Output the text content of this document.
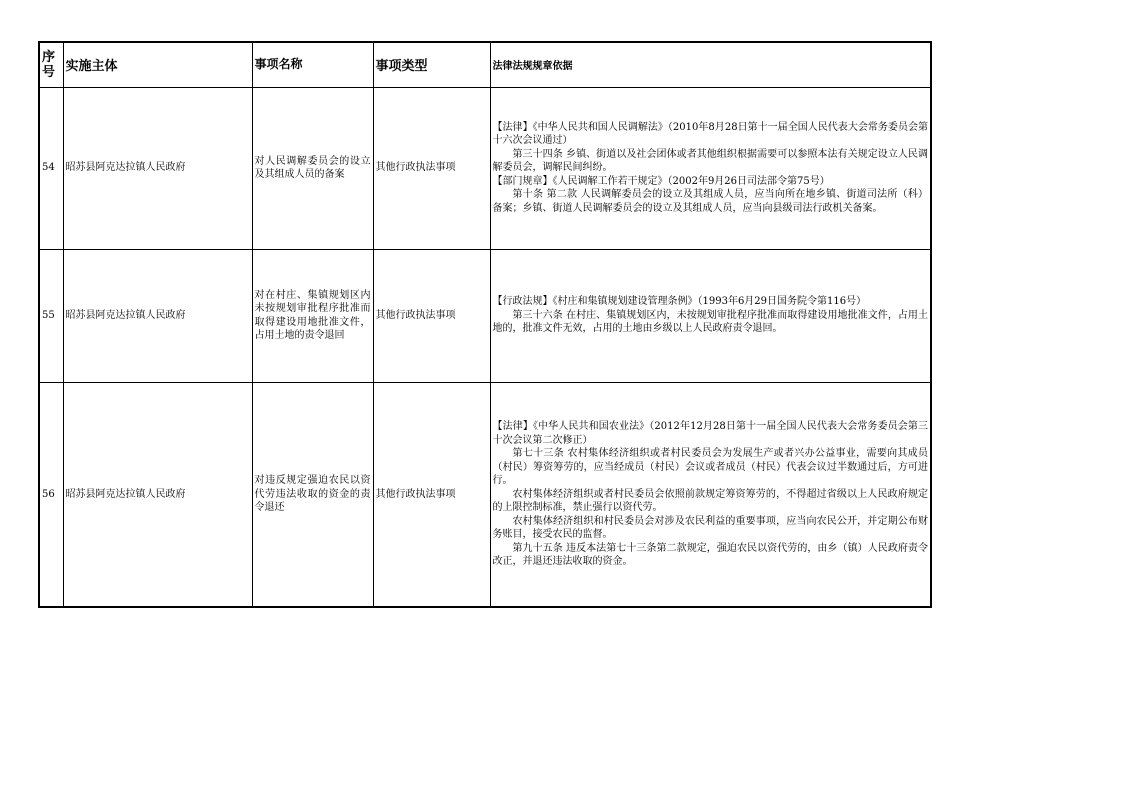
序号	实施主体	事项名称	事项类型	法律法规规章依据
54	昭苏县阿克达拉镇人民政府	对人民调解委员会的设立及其组成人员的备案	其他行政执法事项	【法律】《中华人民共和国人民调解法》（2010年8月28日第十一届全国人民代表大会常务委员会第十六次会议通过）

第三十四条 乡镇、街道以及社会团体或者其他组织根据需要可以参照本法有关规定设立人民调解委员会，调解民间纠纷。

【部门规章】《人民调解工作若干规定》（2002年9月26日司法部令第75号）

第十条 第二款 人民调解委员会的设立及其组成人员，应当向所在地乡镇、街道司法所（科）备案；乡镇、街道人民调解委员会的设立及其组成人员，应当向县级司法行政机关备案。

55	昭苏县阿克达拉镇人民政府	对在村庄、集镇规划区内未按规划审批程序批准而取得建设用地批准文件，占用土地的责令退回	其他行政执法事项	【行政法规】《村庄和集镇规划建设管理条例》（1993年6月29日国务院令第116号）

第三十六条 在村庄、集镇规划区内，未按规划审批程序批准而取得建设用地批准文件，占用土地的，批准文件无效，占用的土地由乡级以上人民政府责令退回。

56	昭苏县阿克达拉镇人民政府	对违反规定强迫农民以资代劳违法收取的资金的责令退还	其他行政执法事项	【法律】《中华人民共和国农业法》（2012年12月28日第十一届全国人民代表大会常务委员会第三十次会议第二次修正）

第七十三条 农村集体经济组织或者村民委员会为发展生产或者兴办公益事业，需要向其成员（村民）筹资筹劳的，应当经成员（村民）会议或者成员（村民）代表会议过半数通过后，方可进行。

农村集体经济组织或者村民委员会依照前款规定筹资筹劳的，不得超过省级以上人民政府规定的上限控制标准，禁止强行以资代劳。

农村集体经济组织和村民委员会对涉及农民利益的重要事项，应当向农民公开，并定期公布财务账目，接受农民的监督。

第九十五条 违反本法第七十三条第二款规定，强迫农民以资代劳的，由乡（镇）人民政府责令改正，并退还违法收取的资金。
